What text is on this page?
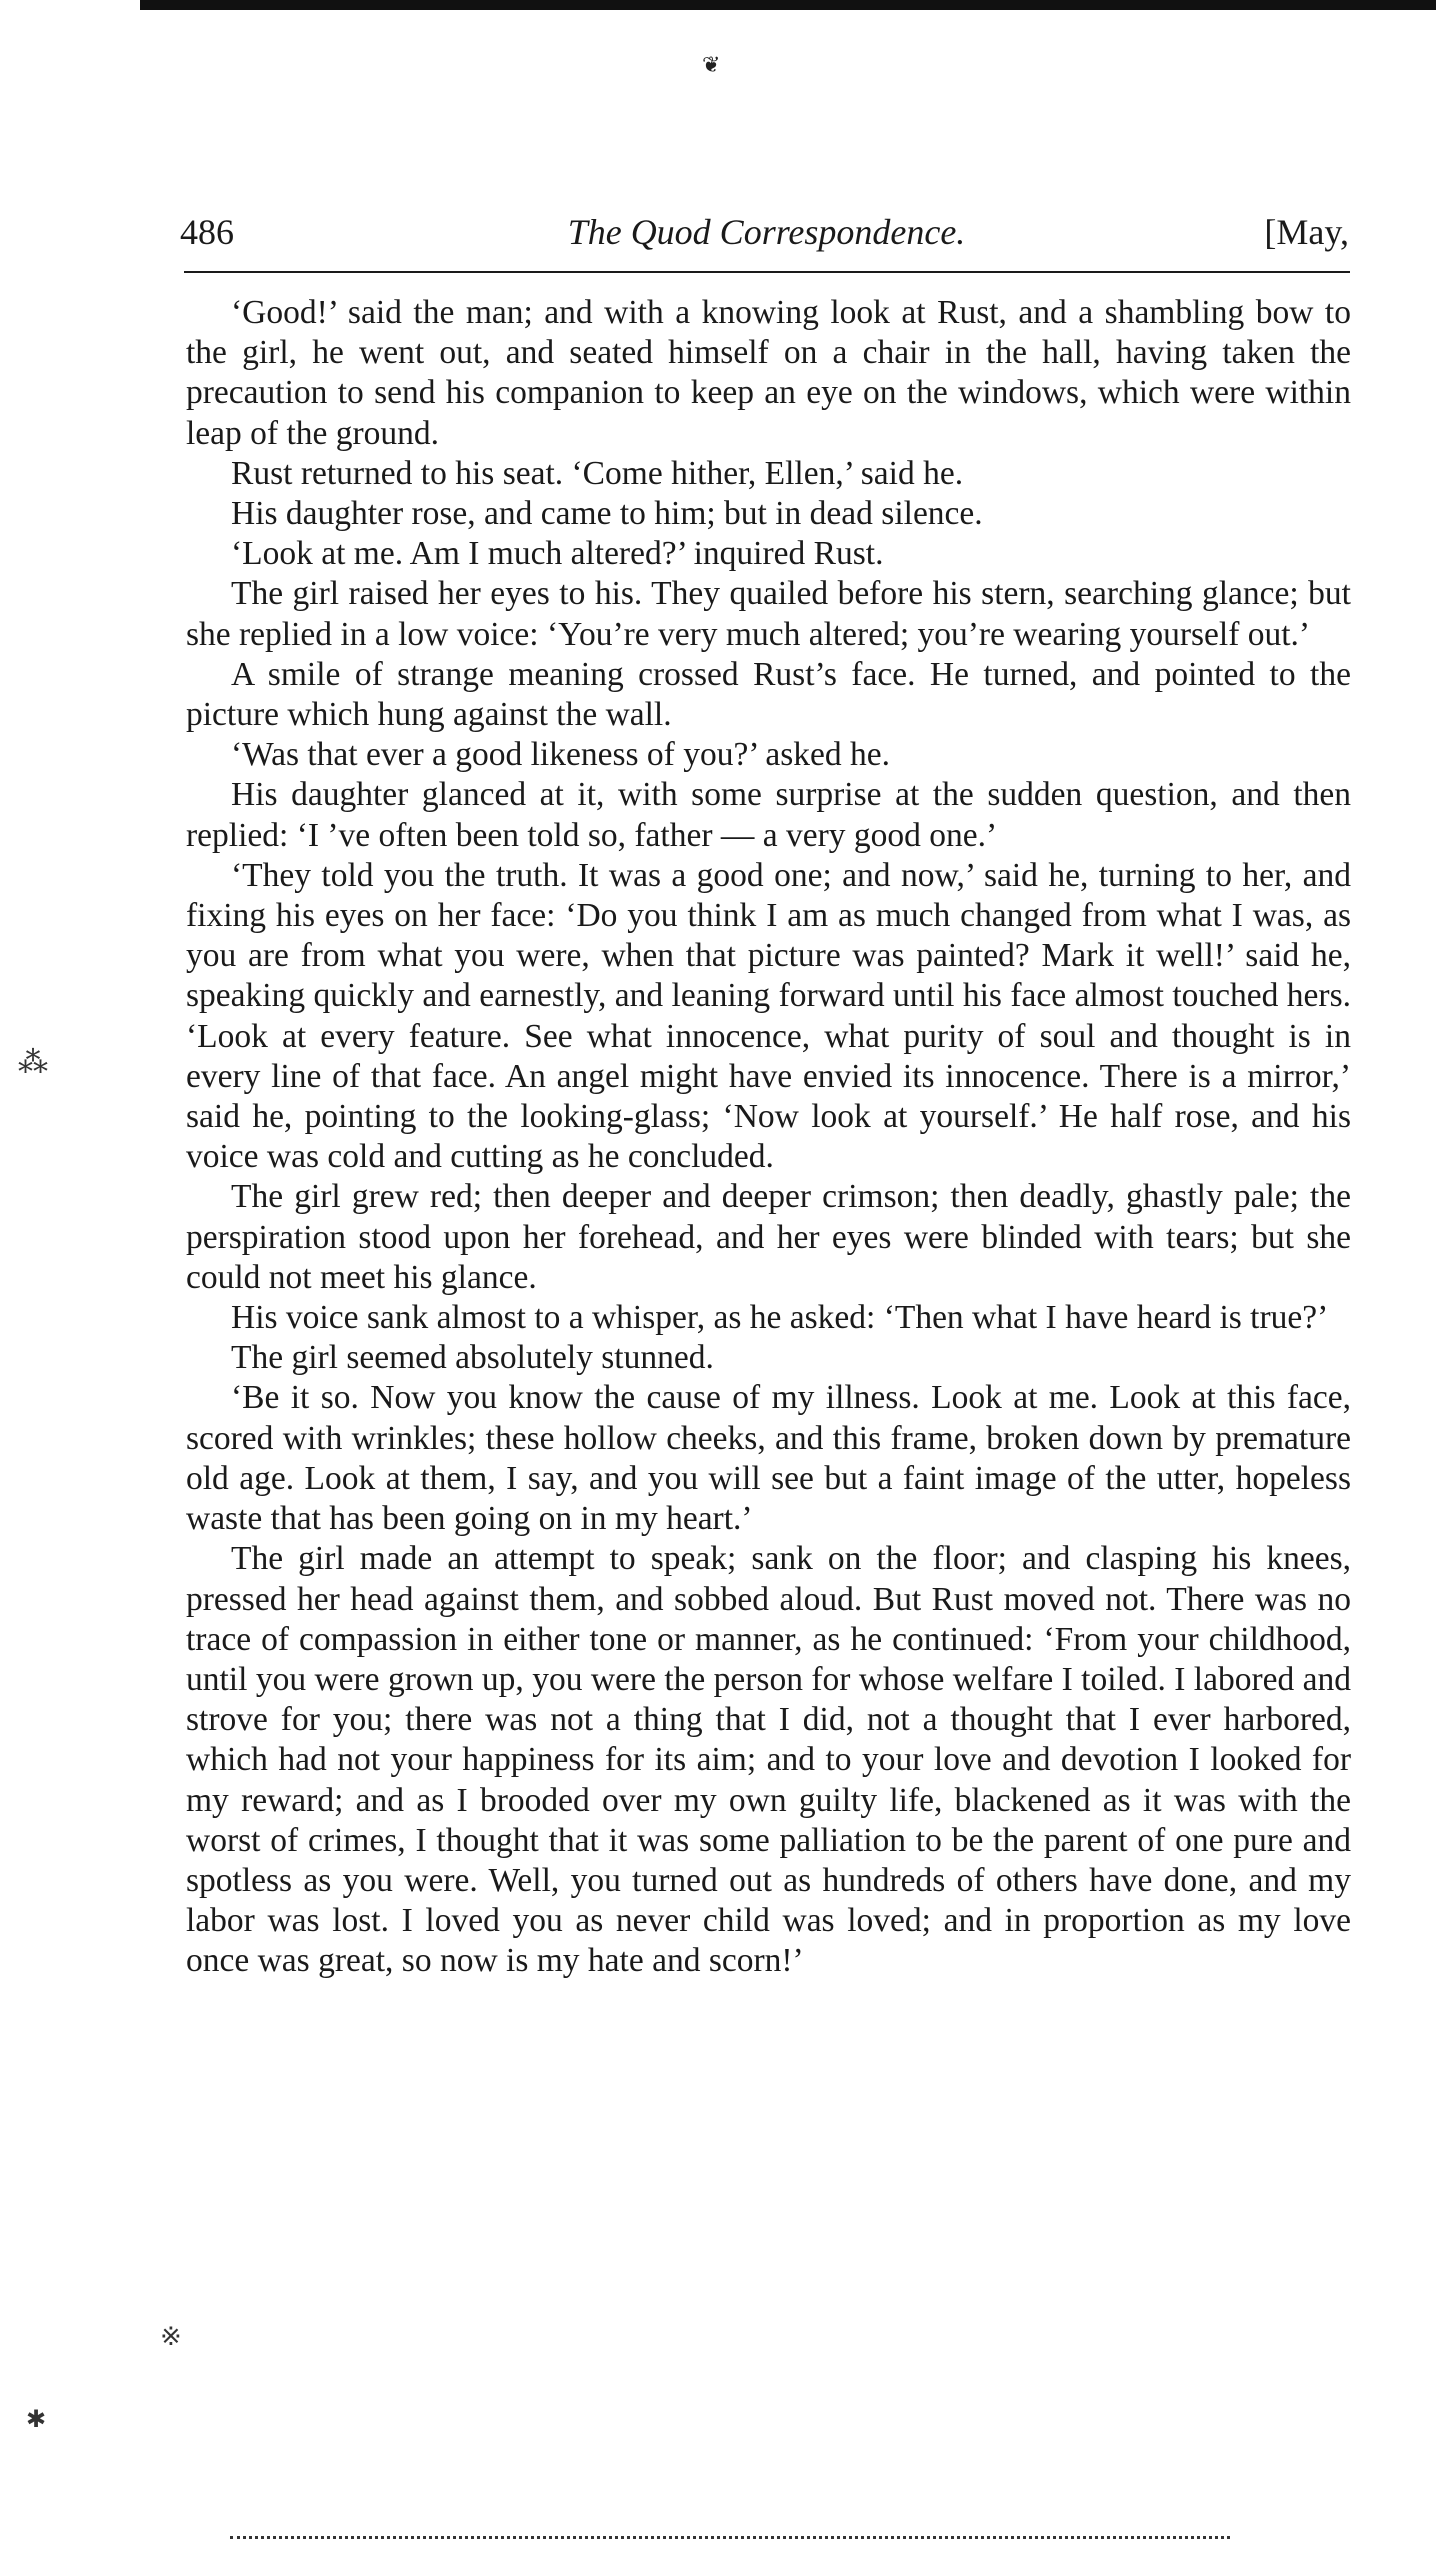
❦
486	The Quod Correspondence.	[May,

‘Good!’ said the man; and with a knowing look at Rust, and a shambling bow to the girl, he went out, and seated himself on a chair in the hall, having taken the precaution to send his companion to keep an eye on the windows, which were within leap of the ground.

Rust returned to his seat. ‘Come hither, Ellen,’ said he.

His daughter rose, and came to him; but in dead silence.

‘Look at me. Am I much altered?’ inquired Rust.

The girl raised her eyes to his. They quailed before his stern, searching glance; but she replied in a low voice: ‘You’re very much altered; you’re wearing yourself out.’

A smile of strange meaning crossed Rust’s face. He turned, and pointed to the picture which hung against the wall.

‘Was that ever a good likeness of you?’ asked he.

His daughter glanced at it, with some surprise at the sudden question, and then replied: ‘I ’ve often been told so, father — a very good one.’

‘They told you the truth. It was a good one; and now,’ said he, turning to her, and fixing his eyes on her face: ‘Do you think I am as much changed from what I was, as you are from what you were, when that picture was painted? Mark it well!’ said he, speaking quickly and earnestly, and leaning forward until his face almost touched hers. ‘Look at every feature. See what innocence, what purity of soul and thought is in every line of that face. An angel might have envied its innocence. There is a mirror,’ said he, pointing to the looking-glass; ‘Now look at yourself.’ He half rose, and his voice was cold and cutting as he concluded.

The girl grew red; then deeper and deeper crimson; then deadly, ghastly pale; the perspiration stood upon her forehead, and her eyes were blinded with tears; but she could not meet his glance.

His voice sank almost to a whisper, as he asked: ‘Then what I have heard is true?’

The girl seemed absolutely stunned.

‘Be it so. Now you know the cause of my illness. Look at me. Look at this face, scored with wrinkles; these hollow cheeks, and this frame, broken down by premature old age. Look at them, I say, and you will see but a faint image of the utter, hopeless waste that has been going on in my heart.’

The girl made an attempt to speak; sank on the floor; and clasping his knees, pressed her head against them, and sobbed aloud. But Rust moved not. There was no trace of compassion in either tone or manner, as he continued: ‘From your childhood, until you were grown up, you were the person for whose welfare I toiled. I labored and strove for you; there was not a thing that I did, not a thought that I ever harbored, which had not your happiness for its aim; and to your love and devotion I looked for my reward; and as I brooded over my own guilty life, blackened as it was with the worst of crimes, I thought that it was some palliation to be the parent of one pure and spotless as you were. Well, you turned out as hundreds of others have done, and my labor was lost. I loved you as never child was loved; and in proportion as my love once was great, so now is my hate and scorn!’

⁂
※
✱
